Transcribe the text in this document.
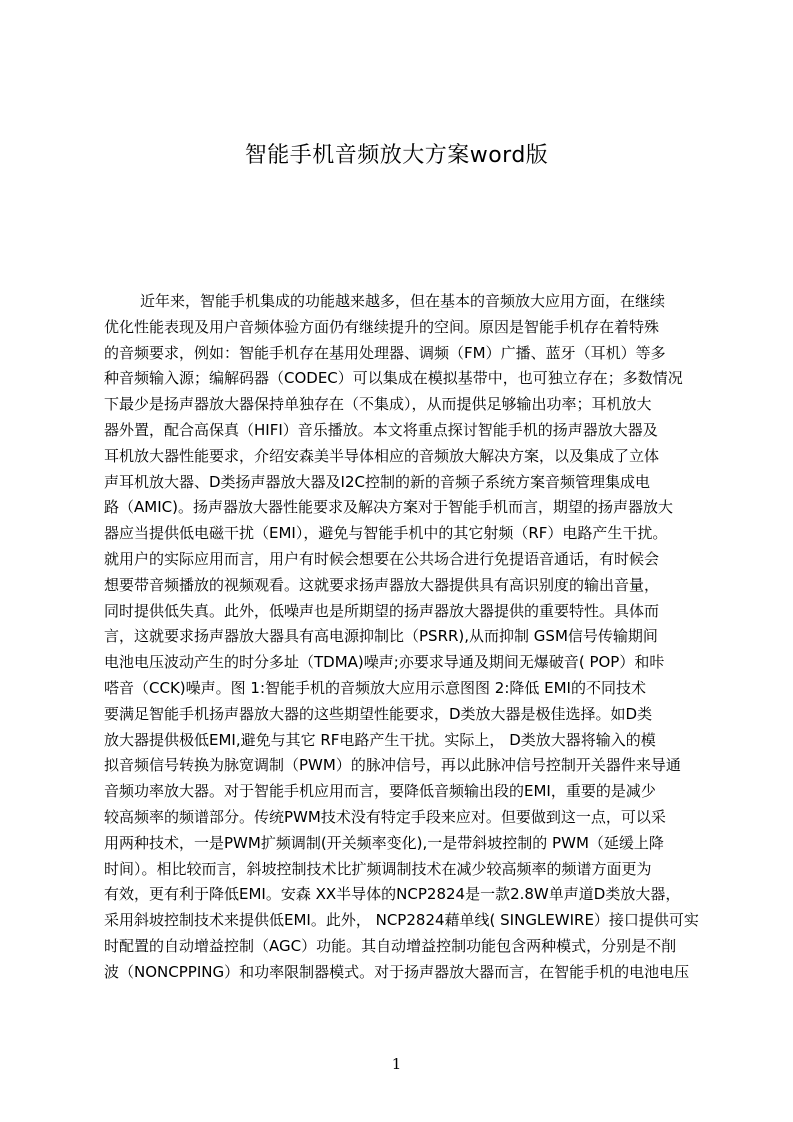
智能手机音频放大方案word版
近年来，智能手机集成的功能越来越多，但在基本的音频放大应用方面，在继续
优化性能表现及用户音频体验方面仍有继续提升的空间。原因是智能手机存在着特殊
的音频要求，例如：智能手机存在基用处理器、调频（FM）广播、蓝牙（耳机）等多
种音频输入源；编解码器（CODEC）可以集成在模拟基带中，也可独立存在；多数情况
下最少是扬声器放大器保持单独存在（不集成），从而提供足够输出功率；耳机放大
器外置，配合高保真（HIFI）音乐播放。本文将重点探讨智能手机的扬声器放大器及
耳机放大器性能要求，介绍安森美半导体相应的音频放大解决方案，以及集成了立体
声耳机放大器、D类扬声器放大器及I2C控制的新的音频子系统方案音频管理集成电
路（AMIC)。扬声器放大器性能要求及解决方案对于智能手机而言，期望的扬声器放大
器应当提供低电磁干扰（EMI），避免与智能手机中的其它射频（RF）电路产生干扰。
就用户的实际应用而言，用户有时候会想要在公共场合进行免提语音通话，有时候会
想要带音频播放的视频观看。这就要求扬声器放大器提供具有高识别度的输出音量，
同时提供低失真。此外，低噪声也是所期望的扬声器放大器提供的重要特性。具体而
言，这就要求扬声器放大器具有高电源抑制比（PSRR),从而抑制 GSM信号传输期间
电池电压波动产生的时分多址（TDMA)噪声;亦要求导通及期间无爆破音( POP）和咔
嗒音（CCK)噪声。图 1:智能手机的音频放大应用示意图图 2:降低 EMI的不同技术
要满足智能手机扬声器放大器的这些期望性能要求，D类放大器是极佳选择。如D类
放大器提供极低EMI,避免与其它 RF电路产生干扰。实际上， D类放大器将输入的模
拟音频信号转换为脉宽调制（PWM）的脉冲信号，再以此脉冲信号控制开关器件来导通
音频功率放大器。对于智能手机应用而言，要降低音频输出段的EMI，重要的是减少
较高频率的频谱部分。传统PWM技术没有特定手段来应对。但要做到这一点，可以采
用两种技术，一是PWM扩频调制(开关频率变化),一是带斜坡控制的 PWM（延缓上降
时间）。相比较而言，斜坡控制技术比扩频调制技术在减少较高频率的频谱方面更为
有效，更有利于降低EMI。安森 XX半导体的NCP2824是一款2.8W单声道D类放大器，
采用斜坡控制技术来提供低EMI。此外， NCP2824藉单线( SINGLEWIRE）接口提供可实
时配置的自动增益控制（AGC）功能。其自动增益控制功能包含两种模式，分别是不削
波（NONCPPING）和功率限制器模式。对于扬声器放大器而言，在智能手机的电池电压
1
